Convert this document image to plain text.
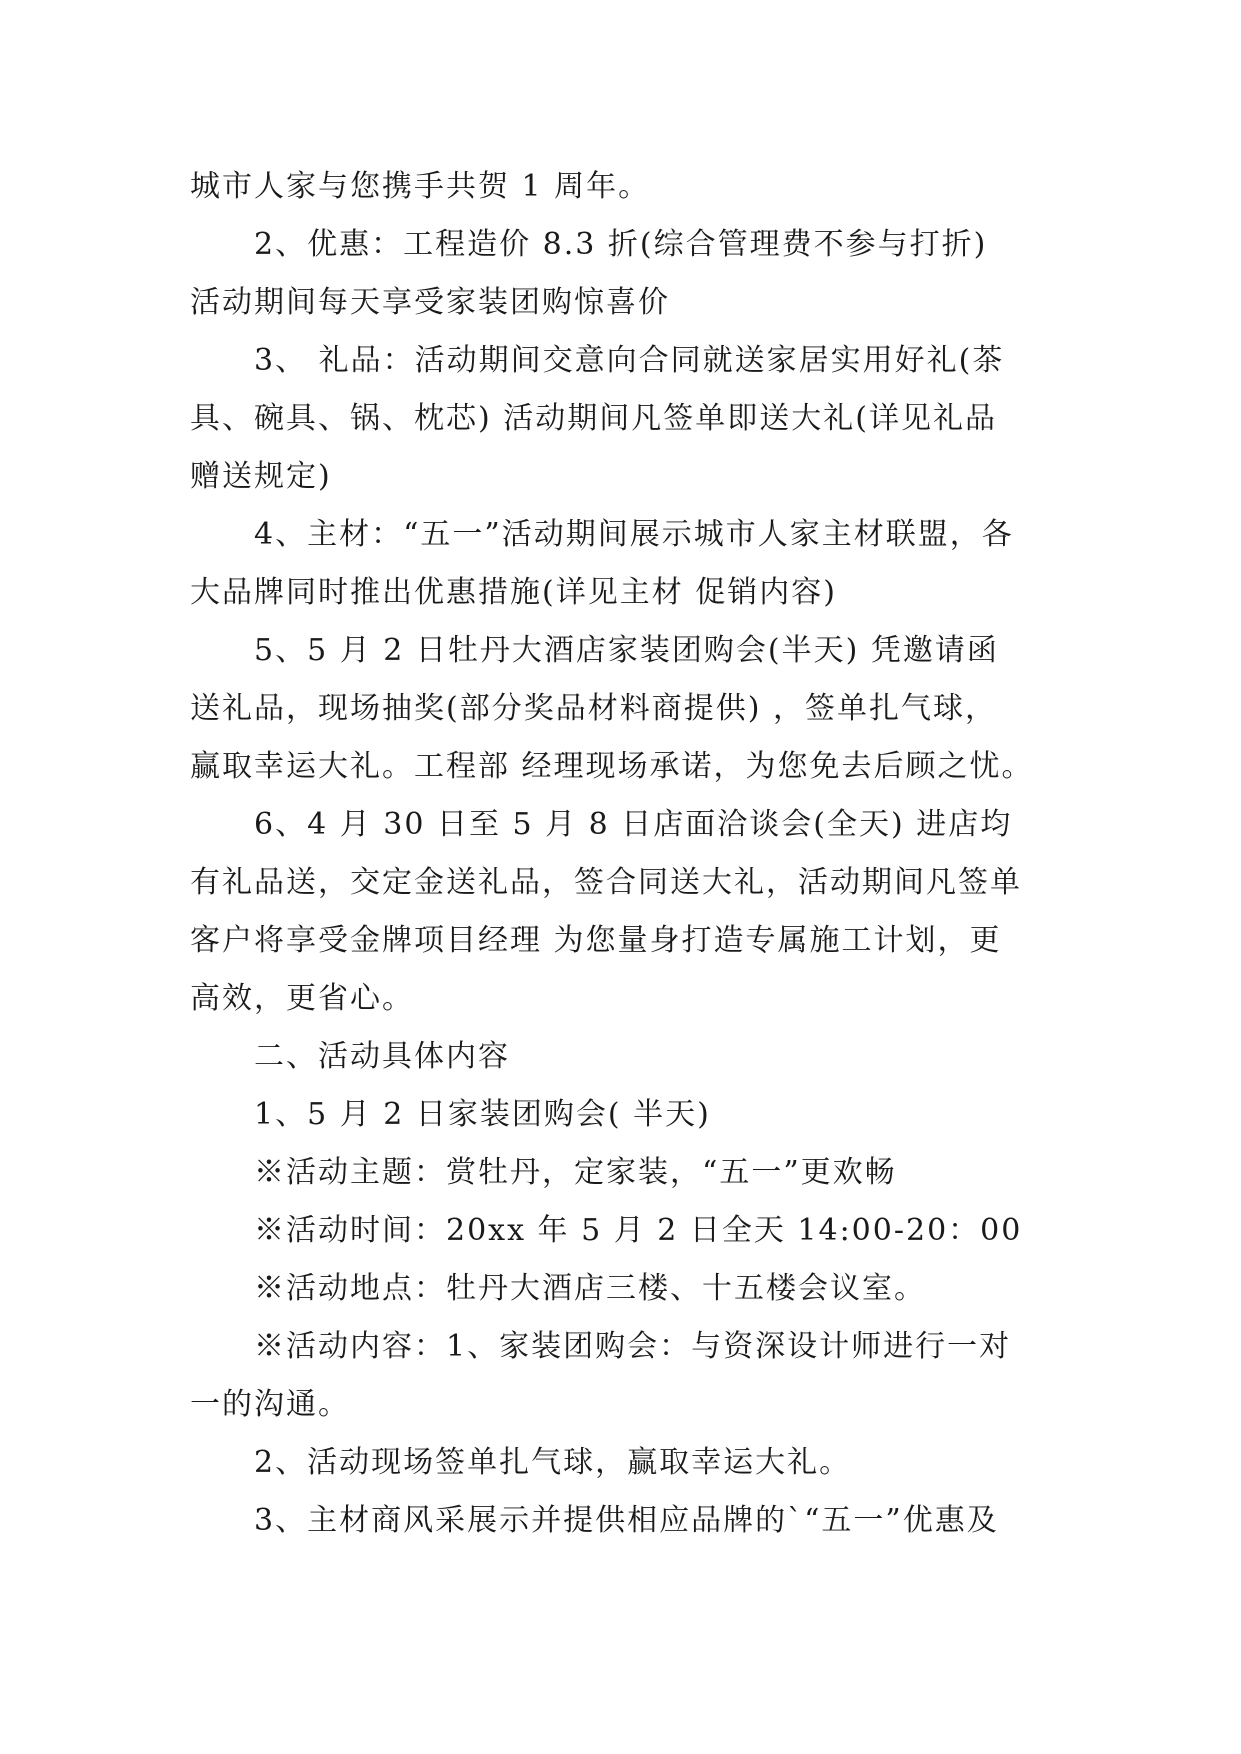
城市人家与您携手共贺 1 周年。
2、优惠：工程造价 8.3 折(综合管理费不参与打折)
活动期间每天享受家装团购惊喜价
3、 礼品：活动期间交意向合同就送家居实用好礼(茶
具、碗具、锅、枕芯) 活动期间凡签单即送大礼(详见礼品
赠送规定)
4、主材：“五一”活动期间展示城市人家主材联盟，各
大品牌同时推出优惠措施(详见主材 促销内容)
5、5 月 2 日牡丹大酒店家装团购会(半天) 凭邀请函
送礼品，现场抽奖(部分奖品材料商提供) ，签单扎气球，
赢取幸运大礼。工程部 经理现场承诺，为您免去后顾之忧。
6、4 月 30 日至 5 月 8 日店面洽谈会(全天) 进店均
有礼品送，交定金送礼品，签合同送大礼，活动期间凡签单
客户将享受金牌项目经理 为您量身打造专属施工计划，更
高效，更省心。
二、活动具体内容
1、5 月 2 日家装团购会( 半天)
※活动主题：赏牡丹，定家装，“五一”更欢畅
※活动时间：20xx 年 5 月 2 日全天 14:00-20：00
※活动地点：牡丹大酒店三楼、十五楼会议室。
※活动内容：1、家装团购会：与资深设计师进行一对
一的沟通。
2、活动现场签单扎气球，赢取幸运大礼。
3、主材商风采展示并提供相应品牌的`“五一”优惠及
